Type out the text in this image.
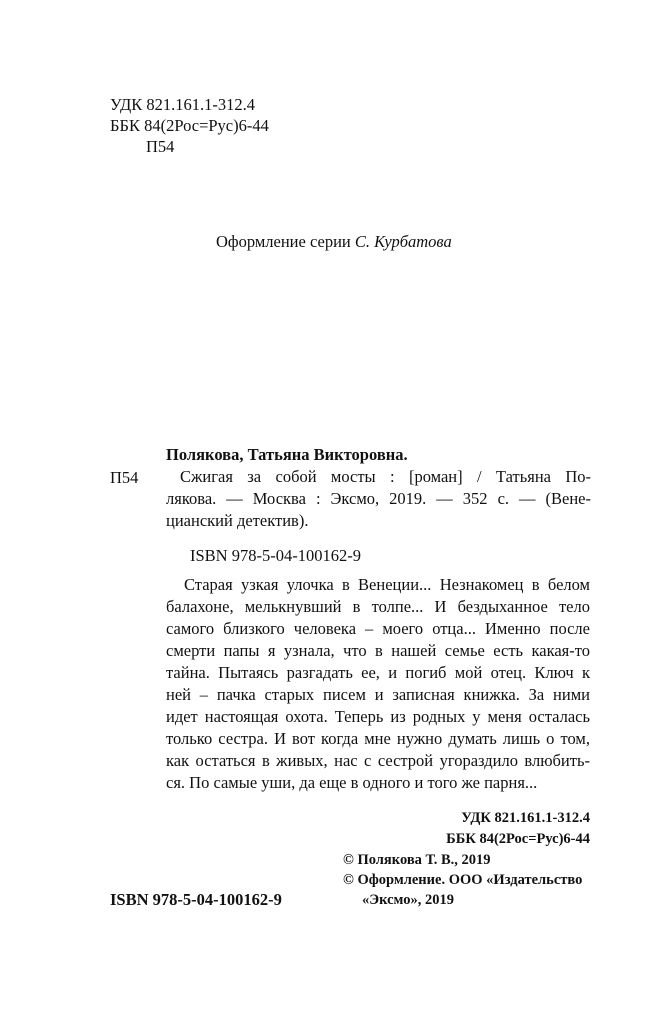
УДК 821.161.1-312.4
ББК 84(2Рос=Рус)6-44
П54
Оформление серии С. Курбатова
Полякова, Татьяна Викторовна.
П54	Сжигая за собой мосты : [роман] / Татьяна По-
лякова. — Москва : Эксмо, 2019. — 352 с. — (Вене-
цианский детектив).
ISBN 978-5-04-100162-9
Старая узкая улочка в Венеции... Незнакомец в белом
балахоне, мелькнувший в толпе... И бездыханное тело
самого близкого человека – моего отца... Именно после
смерти папы я узнала, что в нашей семье есть какая-то
тайна. Пытаясь разгадать ее, и погиб мой отец. Ключ к
ней – пачка старых писем и записная книжка. За ними
идет настоящая охота. Теперь из родных у меня осталась
только сестра. И вот когда мне нужно думать лишь о том,
как остаться в живых, нас с сестрой угораздило влюбить-
ся. По самые уши, да еще в одного и того же парня...
УДК 821.161.1-312.4
ББК 84(2Рос=Рус)6-44
© Полякова Т. В., 2019
© Оформление. ООО «Издательство
«Эксмо», 2019
ISBN 978-5-04-100162-9
